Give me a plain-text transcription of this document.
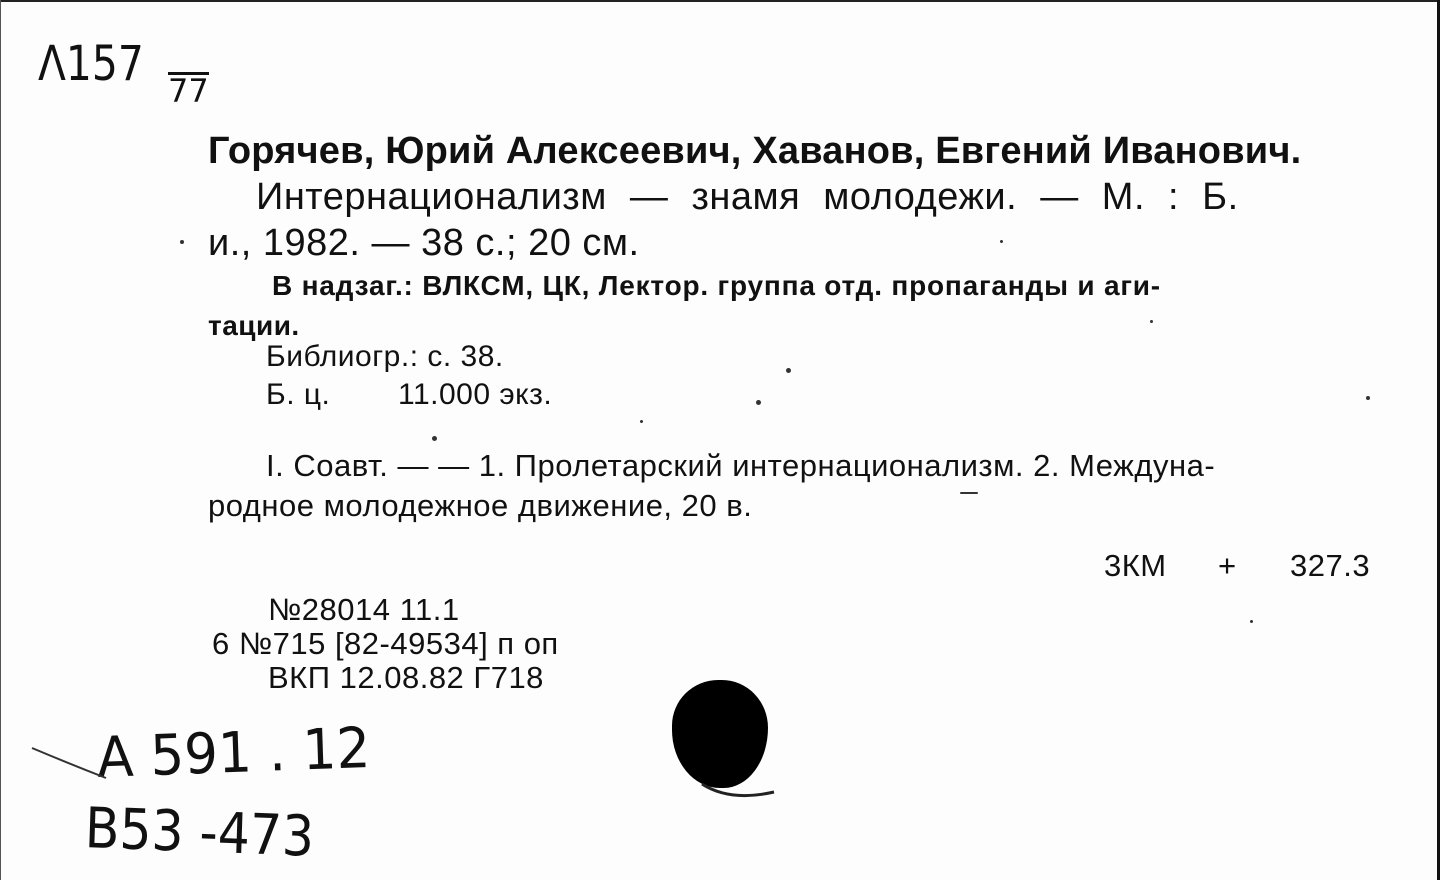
Λ157 77
Горячев, Юрий Алексеевич, Хаванов, Евгений Иванович.
Интернационализм — знамя молодежи. — М. : Б.
и., 1982. — 38 с.; 20 см.
В надзаг.: ВЛКСМ, ЦК, Лектор. группа отд. пропаганды и аги-
тации.
Библиогр.: с. 38.
Б. ц. 11.000 экз.
I. Соавт. — — 1. Пролетарский интернационализм. 2. Междуна-
родное молодежное движение, 20 в.
3КМ + 327.3
№28014 11.1
6 №715 [82-49534] п оп
ВКП 12.08.82 Г718
A 591 . 12
B53 -473
